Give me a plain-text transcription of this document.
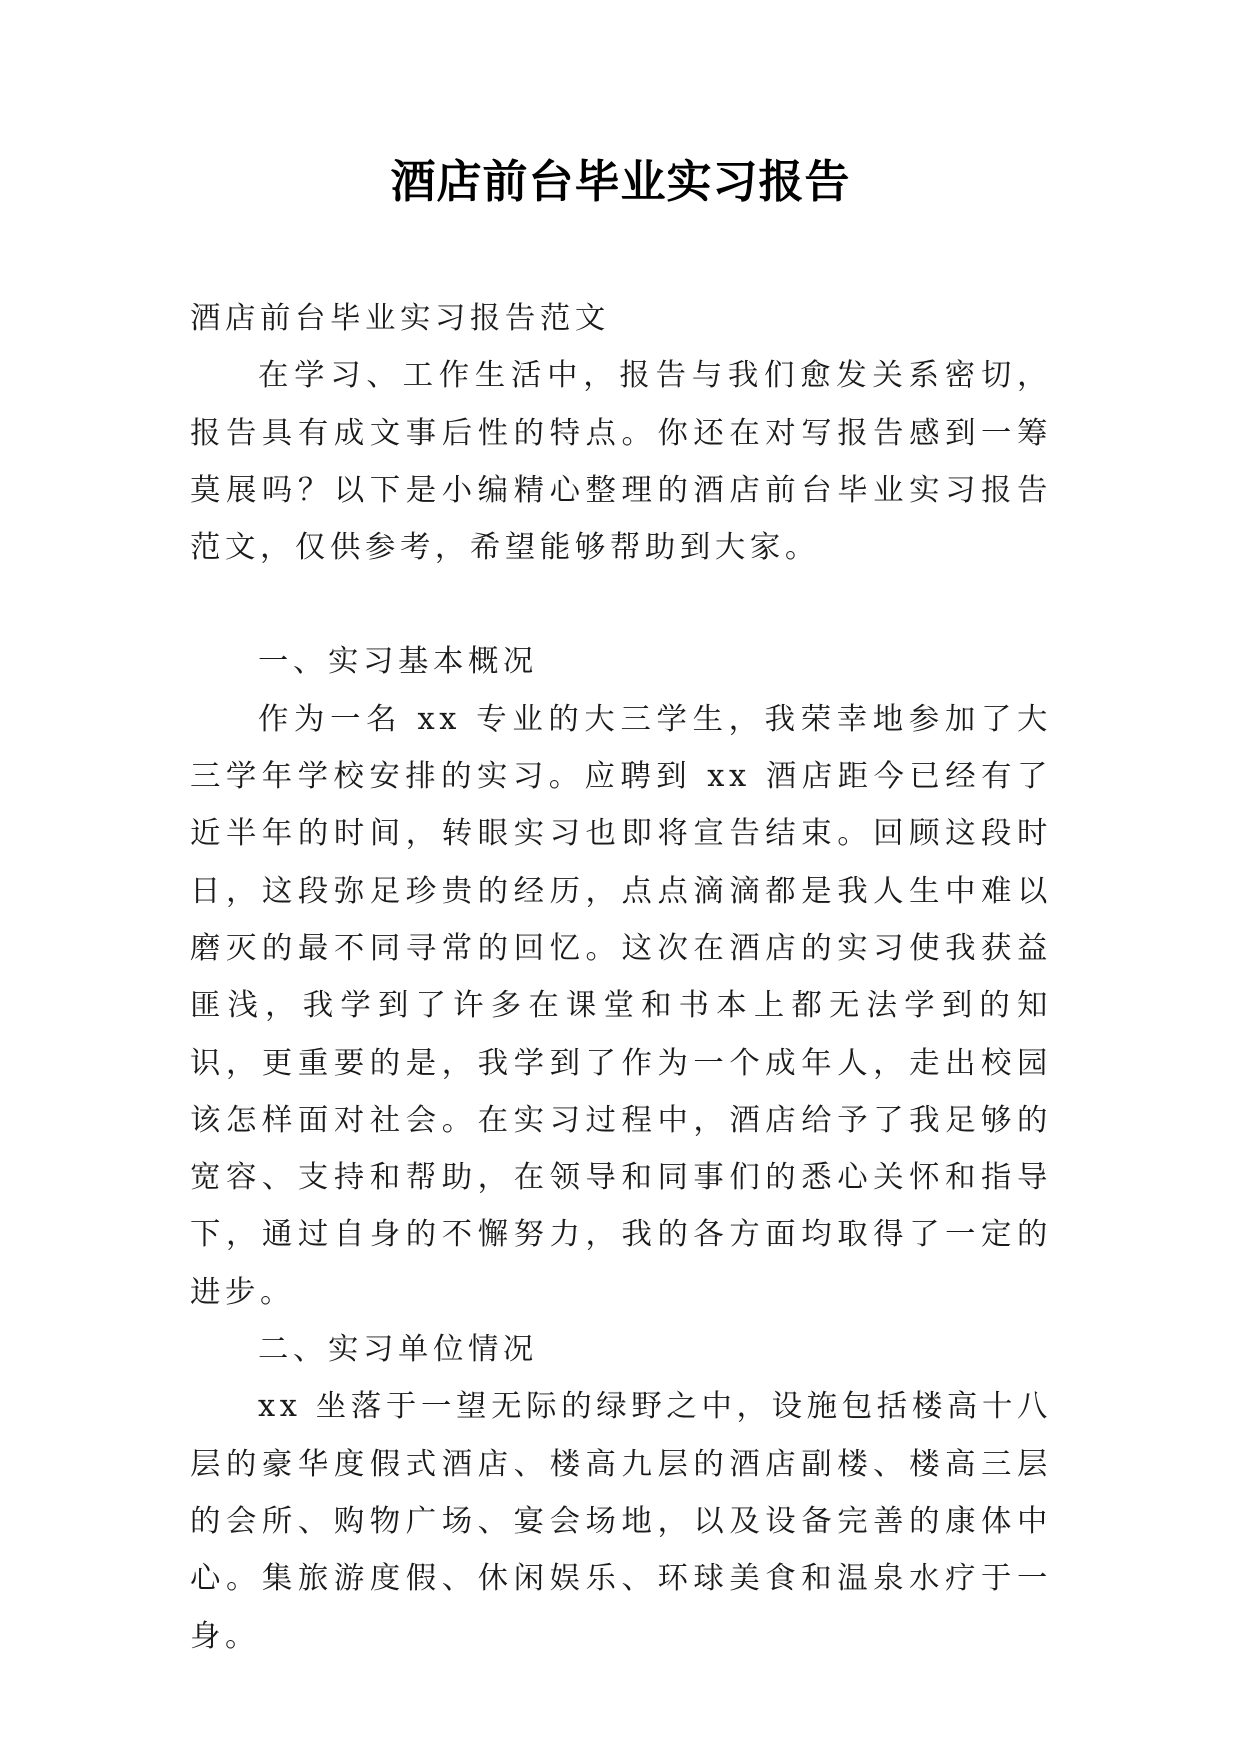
酒店前台毕业实习报告

酒店前台毕业实习报告范文

在学习、工作生活中，报告与我们愈发关系密切，报告具有成文事后性的特点。你还在对写报告感到一筹莫展吗？以下是小编精心整理的酒店前台毕业实习报告范文，仅供参考，希望能够帮助到大家。

一、实习基本概况

作为一名 xx 专业的大三学生，我荣幸地参加了大三学年学校安排的实习。应聘到 xx 酒店距今已经有了近半年的时间，转眼实习也即将宣告结束。回顾这段时日，这段弥足珍贵的经历，点点滴滴都是我人生中难以磨灭的最不同寻常的回忆。这次在酒店的实习使我获益匪浅，我学到了许多在课堂和书本上都无法学到的知识，更重要的是，我学到了作为一个成年人，走出校园该怎样面对社会。在实习过程中，酒店给予了我足够的宽容、支持和帮助，在领导和同事们的悉心关怀和指导下，通过自身的不懈努力，我的各方面均取得了一定的进步。

二、实习单位情况

xx 坐落于一望无际的绿野之中，设施包括楼高十八层的豪华度假式酒店、楼高九层的酒店副楼、楼高三层的会所、购物广场、宴会场地，以及设备完善的康体中心。集旅游度假、休闲娱乐、环球美食和温泉水疗于一身。
